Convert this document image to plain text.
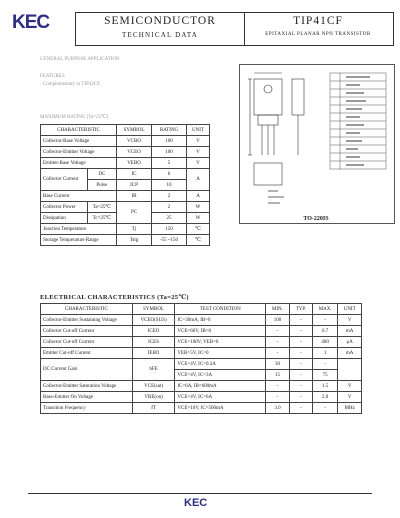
KEC	SEMICONDUCTOR
TECHNICAL DATA
TIP41CF
EPITAXIAL PLANAR NPN TRANSISTOR
GENERAL PURPOSE APPLICATION.
FEATURES
· Complementary to TIP42CF.
TO-220IS
MAXIMUM RATING (Ta=25℃)
CHARACTERISTIC		SYMBOL	RATING	UNIT
Collector-Base Voltage		VCBO	100	V
Collector-Emitter Voltage		VCEO	100	V
Emitter-Base Voltage		VEBO	5	V
Collector Current	DC	IC	6	A
	Pulse	ICP	10	
Base Current		IB	2	A
Collector Power	Ta=25℃	PC	2	W
Dissipation	Tc=25℃		25	W
Junction Temperature		Tj	150	℃
Storage Temperature Range		Tstg	-55 ~150	℃
ELECTRICAL CHARACTERISTICS (Ta=25℃)
CHARACTERISTIC	SYMBOL	TEST CONDITION	MIN.	TYP.	MAX.	UNIT
Collector-Emitter Sustaining Voltage	VCEO(SUS)	IC=30mA, IB=0	100	-	-	V
Collector Cut-off Current	ICEO	VCE=60V, IB=0	-	-	0.7	mA
Collector Cut-off Current	ICES	VCE=100V, VEB=0	-	-	400	μA
Emitter Cut-off Current	IEBO	VEB=5V, IC=0	-	-	1	mA
DC Current Gain	hFE	VCE=4V, IC=0.3A	30	-	-	
		VCE=4V, IC=3A	15	-	75	
Collector-Emitter Saturation Voltage	VCE(sat)	IC=6A, IB=600mA	-	-	1.5	V
Base-Emitter On Voltage	VBE(on)	VCE=4V, IC=6A	-	-	2.0	V
Transition Frequency	fT	VCE=10V, IC=500mA	3.0	-	-	MHz
KEC
